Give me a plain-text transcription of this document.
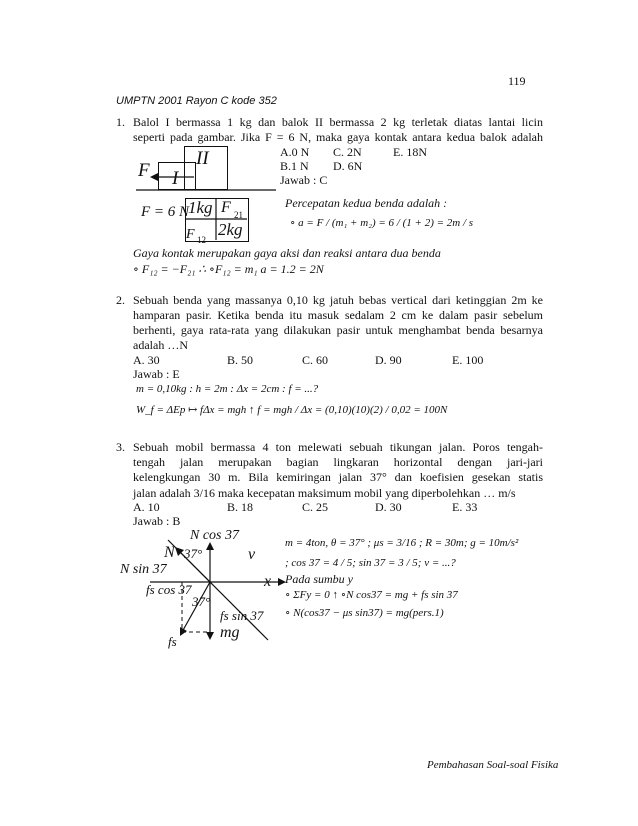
119
UMPTN 2001 Rayon C kode 352
1. Balol I bermassa 1 kg dan balok II bermassa 2 kg terletak diatas lantai licin
seperti pada gambar. Jika F = 6 N, maka gaya kontak antara kedua balok adalah
II
I
F
A.0 N C. 2N	E. 18N
B.1 N D. 6N
Jawab : C
F = 6 N
1kg F 21
F 12
2kg
Percepatan kedua benda adalah :
∘ a = F / (m₁ + m₂) = 6 / (1 + 2) = 2m / s
Gaya kontak merupakan gaya aksi dan reaksi antara dua benda
∘ F₁₂ = −F₂₁ ∴ ∘F₁₂ = m₁ a = 1.2 = 2N
2. Sebuah benda yang massanya 0,10 kg jatuh bebas vertical dari ketinggian 2m ke
hamparan pasir. Ketika benda itu masuk sedalam 2 cm ke dalam pasir sebelum
berhenti, gaya rata-rata yang dilakukan pasir untuk menghambat benda besarnya
adalah …N
A. 30	B. 50	C. 60	D. 90	E. 100
Jawab : E
m = 0,10kg : h = 2m : Δx = 2cm : f = ...?
W_f = ΔEp ↦ fΔx = mgh ↑ f = mgh / Δx = (0,10)(10)(2) / 0,02 = 100N
3. Sebuah mobil bermassa 4 ton melewati sebuah tikungan jalan. Poros tengah-
tengah jalan merupakan bagian lingkaran horizontal dengan jari-jari
kelengkungan 30 m. Bila kemiringan jalan 37° dan koefisien gesekan statis
jalan adalah 3/16 maka kecepatan maksimum mobil yang diperbolehkan … m/s
A. 10	B. 18	C. 25	D. 30	E. 33
Jawab : B
N cos 37
N 37°	v
N sin 37
x
fs cos 37
37°
fs sin 37
mg
fs
m = 4ton, θ = 37° ; μs = 3/16 ; R = 30m; g = 10m/s²
; cos 37 = 4 / 5; sin 37 = 3 / 5; v = ...?
Pada sumbu y
∘ ΣFy = 0 ↑ ∘N cos37 = mg + fs sin 37
∘ N(cos37 − μs sin37) = mg(pers.1)
Pembahasan Soal-soal Fisika
